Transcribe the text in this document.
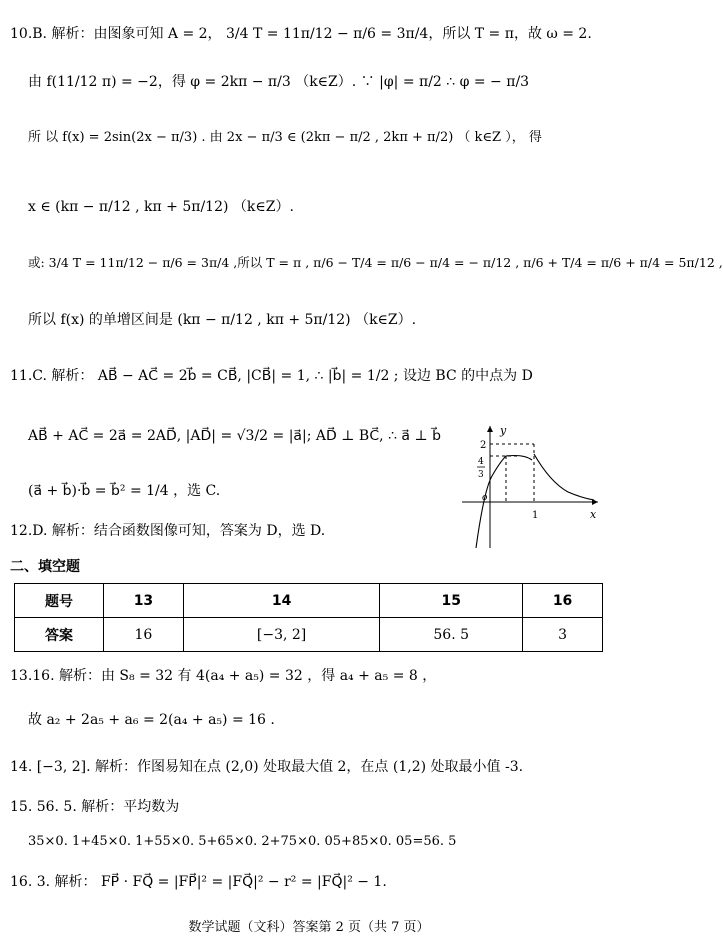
10.B. 解析：由图象可知 A = 2， 3/4 T = 11π/12 − π/6 = 3π/4，所以 T = π，故 ω = 2.
由 f(11/12 π) = −2，得 φ = 2kπ − π/3 （k∈Z）. ∵ |φ| = π/2 ∴ φ = − π/3
所 以 f(x) = 2sin(2x − π/3) . 由 2x − π/3 ∈ (2kπ − π/2 , 2kπ + π/2) （ k∈Z ）， 得
x ∈ (kπ − π/12 , kπ + 5π/12) （k∈Z）.
或: 3/4 T = 11π/12 − π/6 = 3π/4 ,所以 T = π , π/6 − T/4 = π/6 − π/4 = − π/12 , π/6 + T/4 = π/6 + π/4 = 5π/12 ,
所以 f(x) 的单增区间是 (kπ − π/12 , kπ + 5π/12) （k∈Z）.
11.C. 解析： AB⃗ − AC⃗ = 2b⃗ = CB⃗, |CB⃗| = 1, ∴ |b⃗| = 1/2 ; 设边 BC 的中点为 D
AB⃗ + AC⃗ = 2a⃗ = 2AD⃗, |AD⃗| = √3/2 = |a⃗|; AD⃗ ⊥ BC⃗, ∴ a⃗ ⊥ b⃗
(a⃗ + b⃗)·b⃗ = b⃗² = 1/4 ，选 C.
12.D. 解析：结合函数图像可知，答案为 D，选 D.
y
x
o
2
4
3
1
二、填空题
题号	13	14	15	16
答案	16	[−3, 2]	56. 5	3
13.16. 解析：由 S₈ = 32 有 4(a₄ + a₅) = 32 ，得 a₄ + a₅ = 8 ，
故 a₂ + 2a₅ + a₆ = 2(a₄ + a₅) = 16 .
14. [−3, 2]. 解析：作图易知在点 (2,0) 处取最大值 2，在点 (1,2) 处取最小值 -3.
15. 56. 5. 解析：平均数为
35×0. 1+45×0. 1+55×0. 5+65×0. 2+75×0. 05+85×0. 05=56. 5
16. 3. 解析： FP⃗ · FQ⃗ = |FP⃗|² = |FQ⃗|² − r² = |FQ⃗|² − 1.
数学试题（文科）答案第 2 页（共 7 页）
